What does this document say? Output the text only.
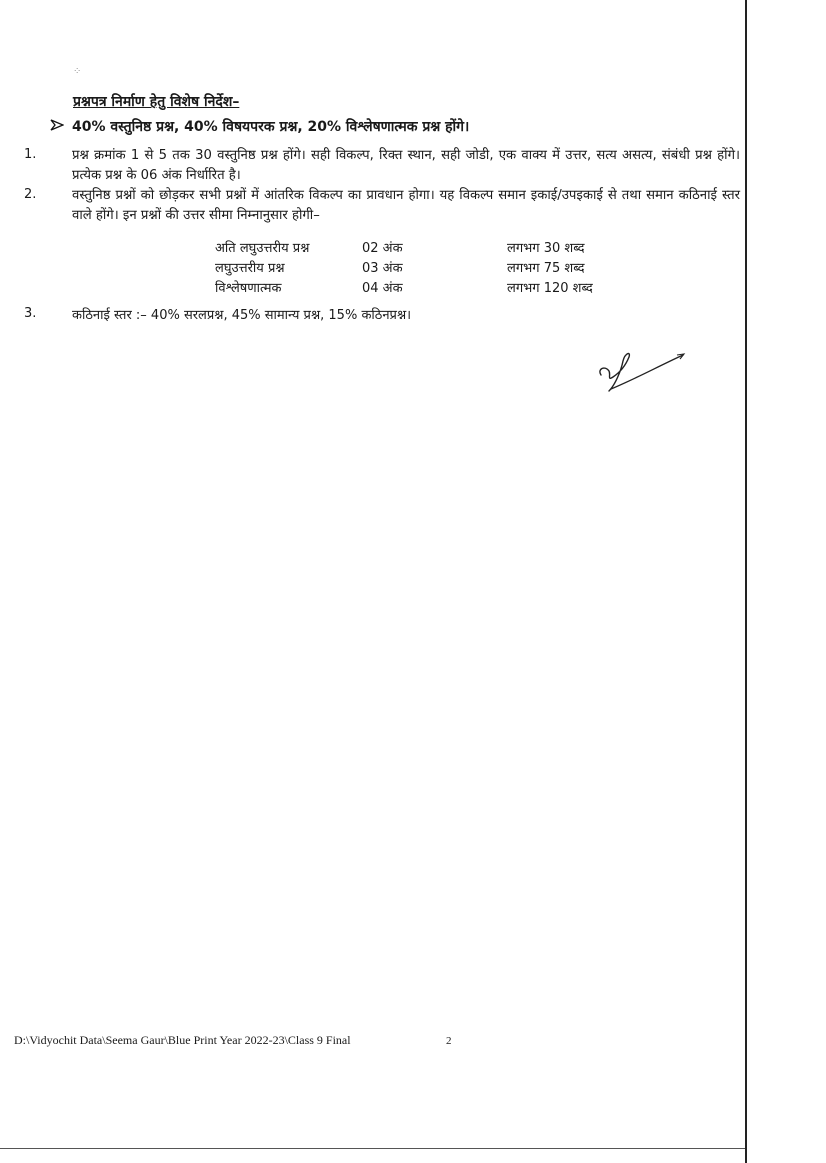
⁘
प्रश्नपत्र निर्माण हेतु विशेष निर्देश–
40% वस्तुनिष्ठ प्रश्न, 40% विषयपरक प्रश्न, 20% विश्लेषणात्मक प्रश्न होंगे।
1.	प्रश्न क्रमांक 1 से 5 तक 30 वस्तुनिष्ठ प्रश्न होंगे। सही विकल्प, रिक्त स्थान, सही जोडी, एक वाक्य में उत्तर, सत्य असत्य, संबंधी प्रश्न होंगे। प्रत्येक प्रश्न के 06 अंक निर्धारित है।
2.	वस्तुनिष्ठ प्रश्नों को छोड़कर सभी प्रश्नों में आंतरिक विकल्प का प्रावधान होगा। यह विकल्प समान इकाई/उपइकाई से तथा समान कठिनाई स्तर वाले होंगे। इन प्रश्नों की उत्तर सीमा निम्नानुसार होगी–
अति लघुउत्तरीय प्रश्न	02 अंक	लगभग 30 शब्द
लघुउत्तरीय प्रश्न	03 अंक	लगभग 75 शब्द
विश्लेषणात्मक	04 अंक	लगभग 120 शब्द
3.	कठिनाई स्तर :– 40% सरलप्रश्न, 45% सामान्य प्रश्न, 15% कठिनप्रश्न।
D:\Vidyochit Data\Seema Gaur\Blue Print Year 2022-23\Class 9 Final	2
